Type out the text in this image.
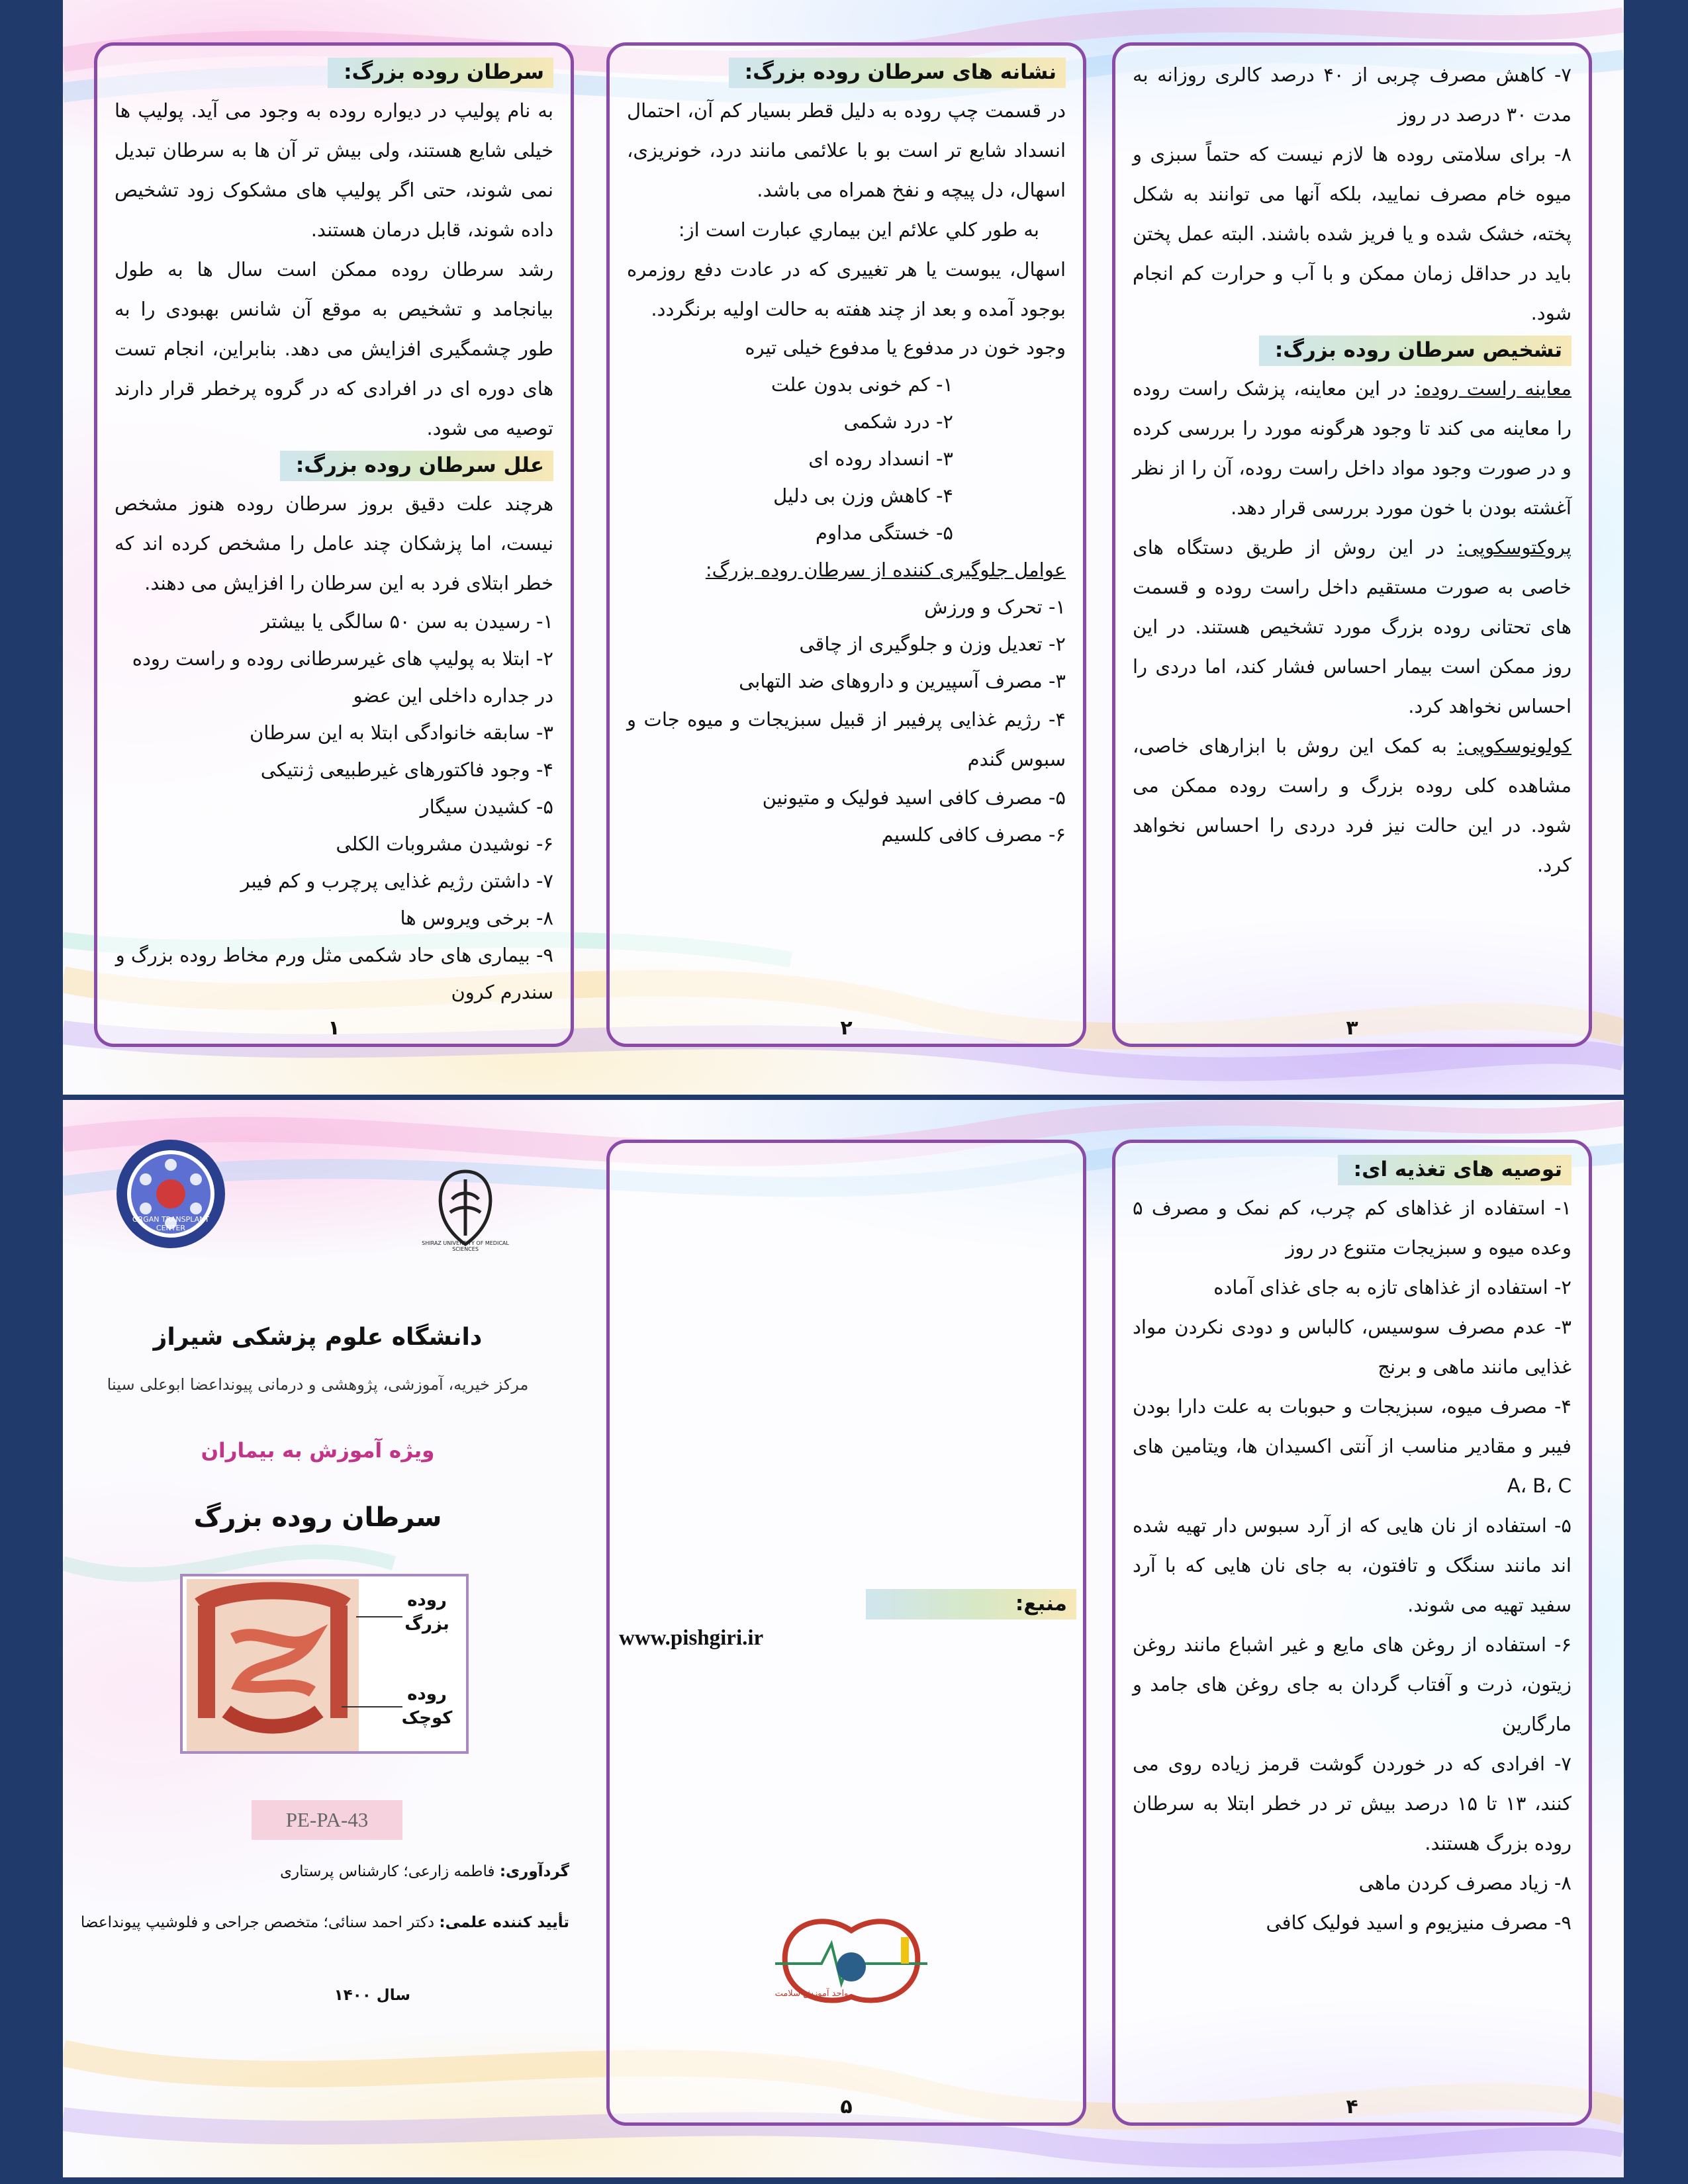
سرطان روده بزرگ:

به نام پولیپ در دیواره روده به وجود می آید. پولیپ ها خیلی شایع هستند، ولی بیش تر آن ها به سرطان تبدیل نمی شوند، حتی اگر پولیپ های مشکوک زود تشخیص داده شوند، قابل درمان هستند.

رشد سرطان روده ممکن است سال ها به طول بیانجامد و تشخیص به موقع آن شانس بهبودی را به طور چشمگیری افزایش می دهد. بنابراین، انجام تست های دوره ای در افرادی که در گروه پرخطر قرار دارند توصیه می شود.

علل سرطان روده بزرگ:

هرچند علت دقیق بروز سرطان روده هنوز مشخص نیست، اما پزشکان چند عامل را مشخص کرده اند که خطر ابتلای فرد به این سرطان را افزایش می دهند.

۱- رسیدن به سن ۵۰ سالگی یا بیشتر

۲- ابتلا به پولیپ های غیرسرطانی روده و راست روده در جداره داخلی این عضو

۳- سابقه خانوادگی ابتلا به این سرطان

۴- وجود فاکتورهای غیرطبیعی ژنتیکی

۵- کشیدن سیگار

۶- نوشیدن مشروبات الکلی

۷- داشتن رژیم غذایی پرچرب و کم فیبر

۸- برخی ویروس ها

۹- بیماری های حاد شکمی مثل ورم مخاط روده بزرگ و سندرم کرون

۱
نشانه های سرطان روده بزرگ:

در قسمت چپ روده به دلیل قطر بسیار کم آن، احتمال انسداد شایع تر است بو با علائمی مانند درد، خونریزی، اسهال، دل پیچه و نفخ همراه می باشد.

به طور کلي علائم اين بيماري عبارت است از:

اسهال، یبوست یا هر تغییری که در عادت دفع روزمره بوجود آمده و بعد از چند هفته به حالت اولیه برنگردد.

وجود خون در مدفوع یا مدفوع خیلی تیره

۱- کم خونی بدون علت

۲- درد شکمی

۳- انسداد روده ای

۴- کاهش وزن بی دلیل

۵- خستگی مداوم

عوامل جلوگیری کننده از سرطان روده بزرگ:

۱- تحرک و ورزش

۲- تعدیل وزن و جلوگیری از چاقی

۳- مصرف آسپیرین و داروهای ضد التهابی

۴- رژیم غذایی پرفیبر از قبیل سبزیجات و میوه جات و سبوس گندم

۵- مصرف کافی اسید فولیک و متیونین

۶- مصرف کافی کلسیم

۲

۷- کاهش مصرف چربی از ۴۰ درصد کالری روزانه به مدت ۳۰ درصد در روز

۸- برای سلامتی روده ها لازم نیست که حتماً سبزی و میوه خام مصرف نمایید، بلکه آنها می توانند به شکل پخته، خشک شده و یا فریز شده باشند. البته عمل پختن باید در حداقل زمان ممکن و با آب و حرارت کم انجام شود.

تشخیص سرطان روده بزرگ:

معاینه راست روده: در این معاینه، پزشک راست روده را معاینه می کند تا وجود هرگونه مورد را بررسی کرده و در صورت وجود مواد داخل راست روده، آن را از نظر آغشته بودن با خون مورد بررسی قرار دهد.

پروکتوسکوپی: در این روش از طریق دستگاه های خاصی به صورت مستقیم داخل راست روده و قسمت های تحتانی روده بزرگ مورد تشخیص هستند. در این روز ممکن است بیمار احساس فشار کند، اما دردی را احساس نخواهد کرد.

کولونوسکوپی: به کمک این روش با ابزارهای خاصی، مشاهده کلی روده بزرگ و راست روده ممکن می شود. در این حالت نیز فرد دردی را احساس نخواهد کرد.

۳
ORGAN TRANSPLANT CENTER
SHIRAZ UNIVERSITY OF MEDICAL SCIENCES
دانشگاه علوم پزشکی شیراز
مرکز خیریه، آموزشی، پژوهشی و درمانی پیونداعضا ابوعلی سینا
ویژه آموزش به بیماران
سرطان روده بزرگ
روده بزرگ
روده کوچک
PE-PA-43
گردآوری: فاطمه زارعی؛ کارشناس پرستاری
تأیید کننده علمی: دکتر احمد سنائی؛ متخصص جراحی و فلوشیپ پیونداعضا
سال ۱۴۰۰
منبع:
www.pishgiri.ir
واحد آموزش سلامت
۵
توصیه های تغذیه ای:

۱- استفاده از غذاهای کم چرب، کم نمک و مصرف ۵ وعده میوه و سبزیجات متنوع در روز

۲- استفاده از غذاهای تازه به جای غذای آماده

۳- عدم مصرف سوسیس، کالباس و دودی نکردن مواد غذایی مانند ماهی و برنج

۴- مصرف میوه، سبزیجات و حبوبات به علت دارا بودن فیبر و مقادیر مناسب از آنتی اکسیدان ها، ویتامین های A، B، C

۵- استفاده از نان هایی که از آرد سبوس دار تهیه شده اند مانند سنگک و تافتون، به جای نان هایی که با آرد سفید تهیه می شوند.

۶- استفاده از روغن های مایع و غیر اشباع مانند روغن زیتون، ذرت و آفتاب گردان به جای روغن های جامد و مارگارین

۷- افرادی که در خوردن گوشت قرمز زیاده روی می کنند، ۱۳ تا ۱۵ درصد بیش تر در خطر ابتلا به سرطان روده بزرگ هستند.

۸- زیاد مصرف کردن ماهی

۹- مصرف منیزیوم و اسید فولیک کافی

۴
